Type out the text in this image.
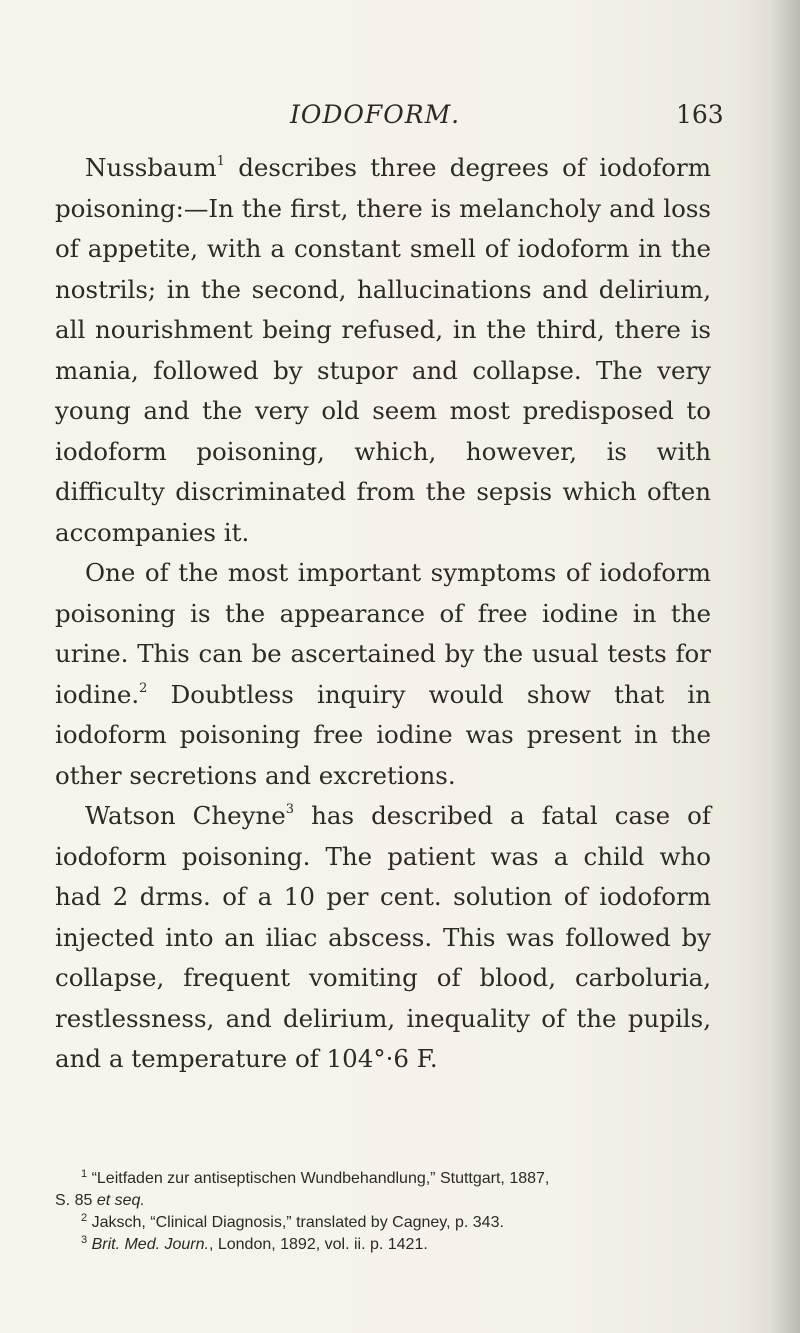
IODOFORM.	163

Nussbaum$^1$ describes three degrees of iodoform poisoning:—In the first, there is melancholy and loss of appetite, with a constant smell of iodoform in the nostrils; in the second, hallucinations and delirium, all nourishment being refused, in the third, there is mania, followed by stupor and collapse. The very young and the very old seem most predisposed to iodoform poisoning, which, however, is with difficulty discriminated from the sepsis which often accompanies it.

One of the most important symptoms of iodoform poisoning is the appearance of free iodine in the urine. This can be ascertained by the usual tests for iodine.$^2$ Doubtless inquiry would show that in iodoform poisoning free iodine was present in the other secretions and excretions.

Watson Cheyne$^3$ has described a fatal case of iodoform poisoning. The patient was a child who had 2 drms. of a 10 per cent. solution of iodoform injected into an iliac abscess. This was followed by collapse, frequent vomiting of blood, carboluria, restlessness, and delirium, inequality of the pupils, and a temperature of 104°·6 F.

$^1$ “Leitfaden zur antiseptischen Wundbehandlung,” Stuttgart, 1887,

S. 85 et seq.

$^2$ Jaksch, “Clinical Diagnosis,” translated by Cagney, p. 343.

$^3$ Brit. Med. Journ., London, 1892, vol. ii. p. 1421.
